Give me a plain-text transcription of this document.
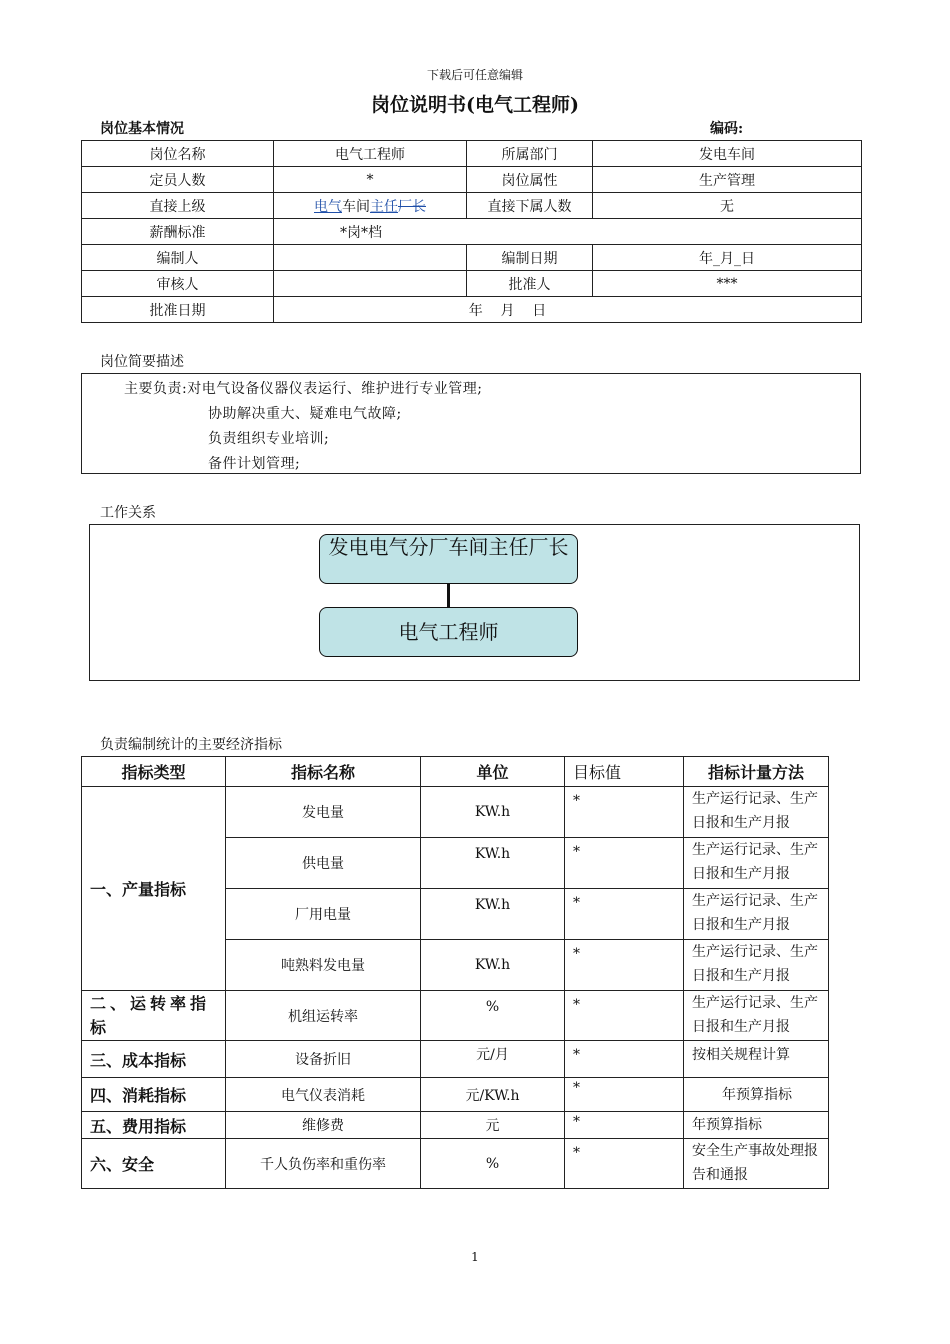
下载后可任意编辑
岗位说明书(电气工程师)
岗位基本情况	编码:
岗位名称	电气工程师	所属部门	发电车间
定员人数	*	岗位属性	生产管理
直接上级	电气车间主任厂长	直接下属人数	无
薪酬标准	*岗*档		
编制人		编制日期	年_月_日
审核人		批准人	***
批准日期	年    月    日		
岗位简要描述
主要负责:对电气设备仪器仪表运行、维护进行专业管理;
协助解决重大、疑难电气故障;
负责组织专业培训;
备件计划管理;
工作关系
发电电气分厂车间主任厂长
电气工程师
负责编制统计的主要经济指标
指标类型	指标名称	单位	目标值	指标计量方法
一、产量指标	发电量	KW.h	*	生产运行记录、生产日报和生产月报
	供电量	KW.h	*	生产运行记录、生产日报和生产月报
	厂用电量	KW.h	*	生产运行记录、生产日报和生产月报
	吨熟料发电量	KW.h	*	生产运行记录、生产日报和生产月报
二、运转率指标	机组运转率	%	*	生产运行记录、生产日报和生产月报
三、成本指标	设备折旧	元/月	*	按相关规程计算
四、消耗指标	电气仪表消耗	元/KW.h	*	年预算指标
五、费用指标	维修费	元	*	年预算指标
六、安全	千人负伤率和重伤率	%	*	安全生产事故处理报告和通报
1
